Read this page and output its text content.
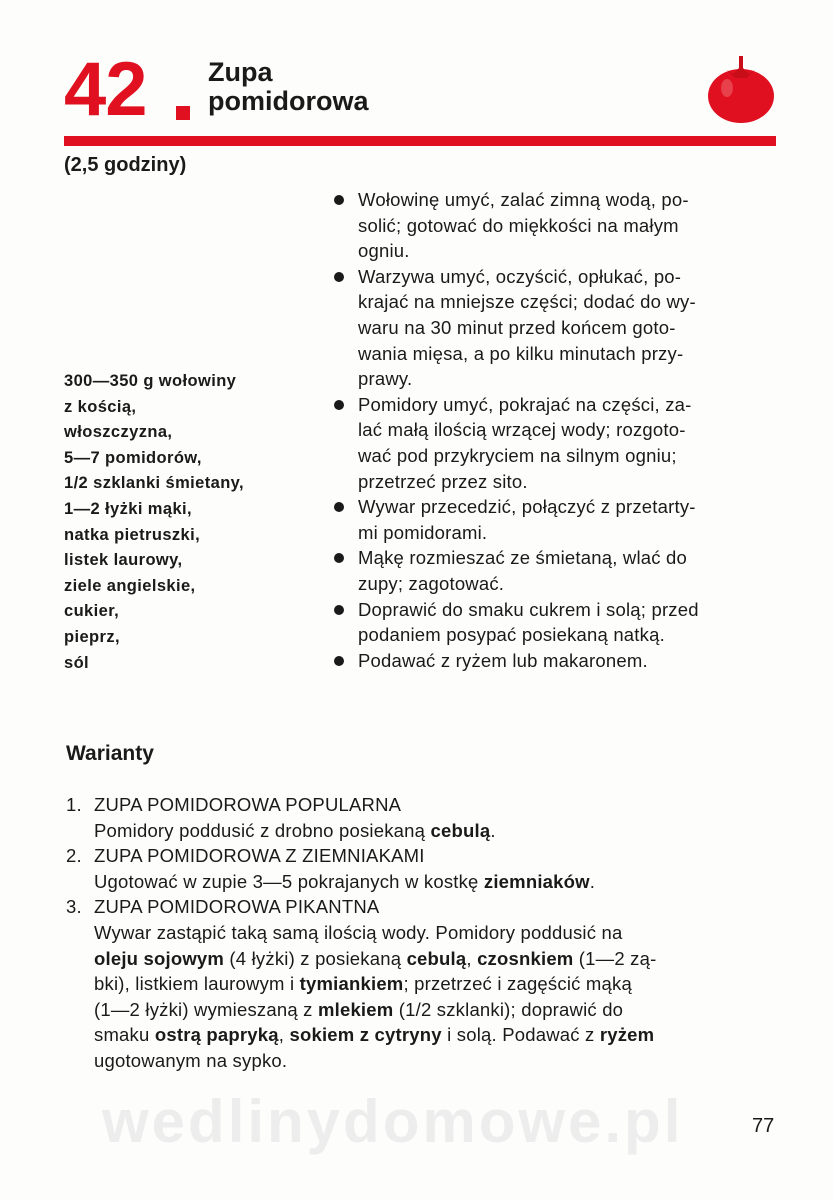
42 Zupa
pomidorowa
(2,5 godziny)
300—350 g wołowiny
z kością,
włoszczyzna,
5—7 pomidorów,
1/2 szklanki śmietany,
1—2 łyżki mąki,
natka pietruszki,
listek laurowy,
ziele angielskie,
cukier,
pieprz,
sól
Wołowinę umyć, zalać zimną wodą, po-
solić; gotować do miękkości na małym
ogniu.
Warzywa umyć, oczyścić, opłukać, po-
krajać na mniejsze części; dodać do wy-
waru na 30 minut przed końcem goto-
wania mięsa, a po kilku minutach przy-
prawy.
Pomidory umyć, pokrajać na części, za-
lać małą ilością wrzącej wody; rozgoto-
wać pod przykryciem na silnym ogniu;
przetrzeć przez sito.
Wywar przecedzić, połączyć z przetarty-
mi pomidorami.
Mąkę rozmieszać ze śmietaną, wlać do
zupy; zagotować.
Doprawić do smaku cukrem i solą; przed
podaniem posypać posiekaną natką.
Podawać z ryżem lub makaronem.
Warianty
1. ZUPA POMIDOROWA POPULARNA
Pomidory poddusić z drobno posiekaną cebulą.
2. ZUPA POMIDOROWA Z ZIEMNIAKAMI
Ugotować w zupie 3—5 pokrajanych w kostkę ziemniaków.
3. ZUPA POMIDOROWA PIKANTNA
Wywar zastąpić taką samą ilością wody. Pomidory poddusić na
oleju sojowym (4 łyżki) z posiekaną cebulą, czosnkiem (1—2 zą-
bki), listkiem laurowym i tymiankiem; przetrzeć i zagęścić mąką
(1—2 łyżki) wymieszaną z mlekiem (1/2 szklanki); doprawić do
smaku ostrą papryką, sokiem z cytryny i solą. Podawać z ryżem
ugotowanym na sypko.
wedlinydomowe.pl	77
